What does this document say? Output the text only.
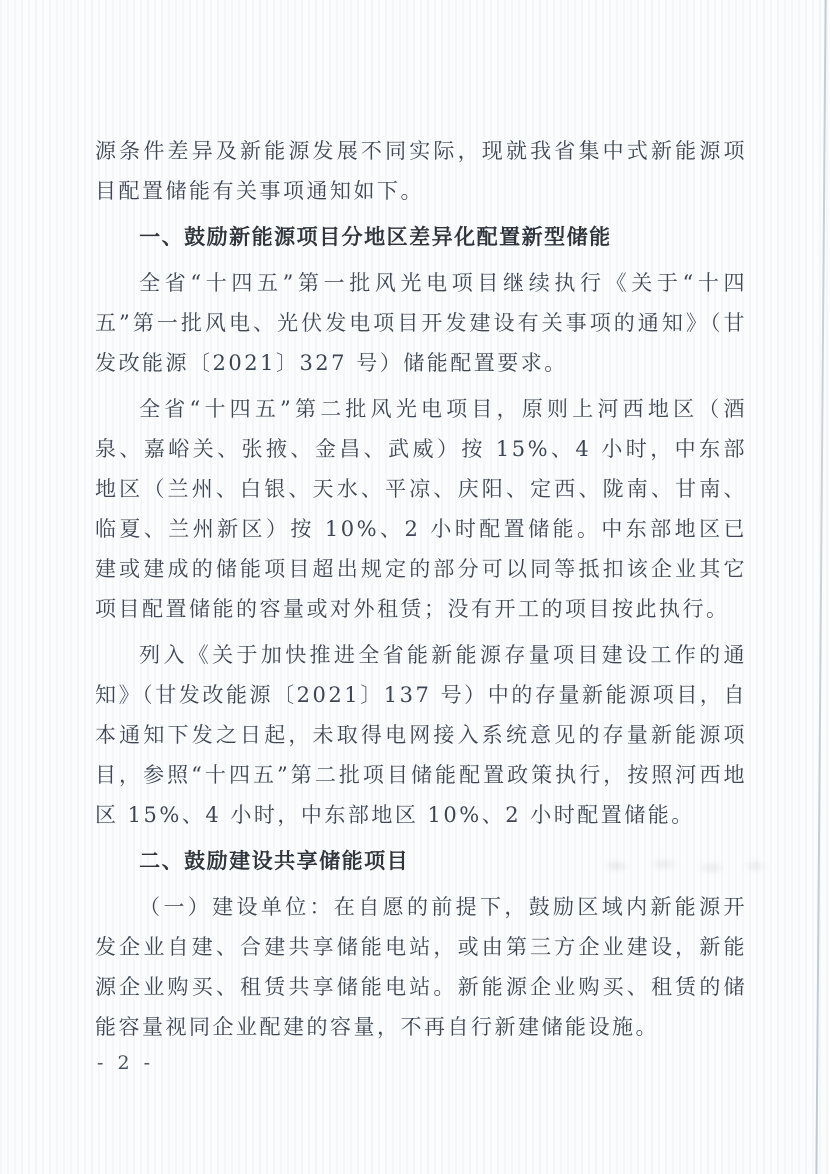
源条件差异及新能源发展不同实际，现就我省集中式新能源项目配置储能有关事项通知如下。

一、鼓励新能源项目分地区差异化配置新型储能

全省“十四五”第一批风光电项目继续执行《关于“十四五”第一批风电、光伏发电项目开发建设有关事项的通知》（甘发改能源〔2021〕327 号）储能配置要求。

全省“十四五”第二批风光电项目，原则上河西地区（酒泉、嘉峪关、张掖、金昌、武威）按 15%、4 小时，中东部地区（兰州、白银、天水、平凉、庆阳、定西、陇南、甘南、临夏、兰州新区）按 10%、2 小时配置储能。中东部地区已建或建成的储能项目超出规定的部分可以同等抵扣该企业其它项目配置储能的容量或对外租赁；没有开工的项目按此执行。

列入《关于加快推进全省能新能源存量项目建设工作的通知》（甘发改能源〔2021〕137 号）中的存量新能源项目，自本通知下发之日起，未取得电网接入系统意见的存量新能源项目，参照“十四五”第二批项目储能配置政策执行，按照河西地区 15%、4 小时，中东部地区 10%、2 小时配置储能。

二、鼓励建设共享储能项目

（一）建设单位：在自愿的前提下，鼓励区域内新能源开发企业自建、合建共享储能电站，或由第三方企业建设，新能源企业购买、租赁共享储能电站。新能源企业购买、租赁的储能容量视同企业配建的容量，不再自行新建储能设施。

- 2 -
